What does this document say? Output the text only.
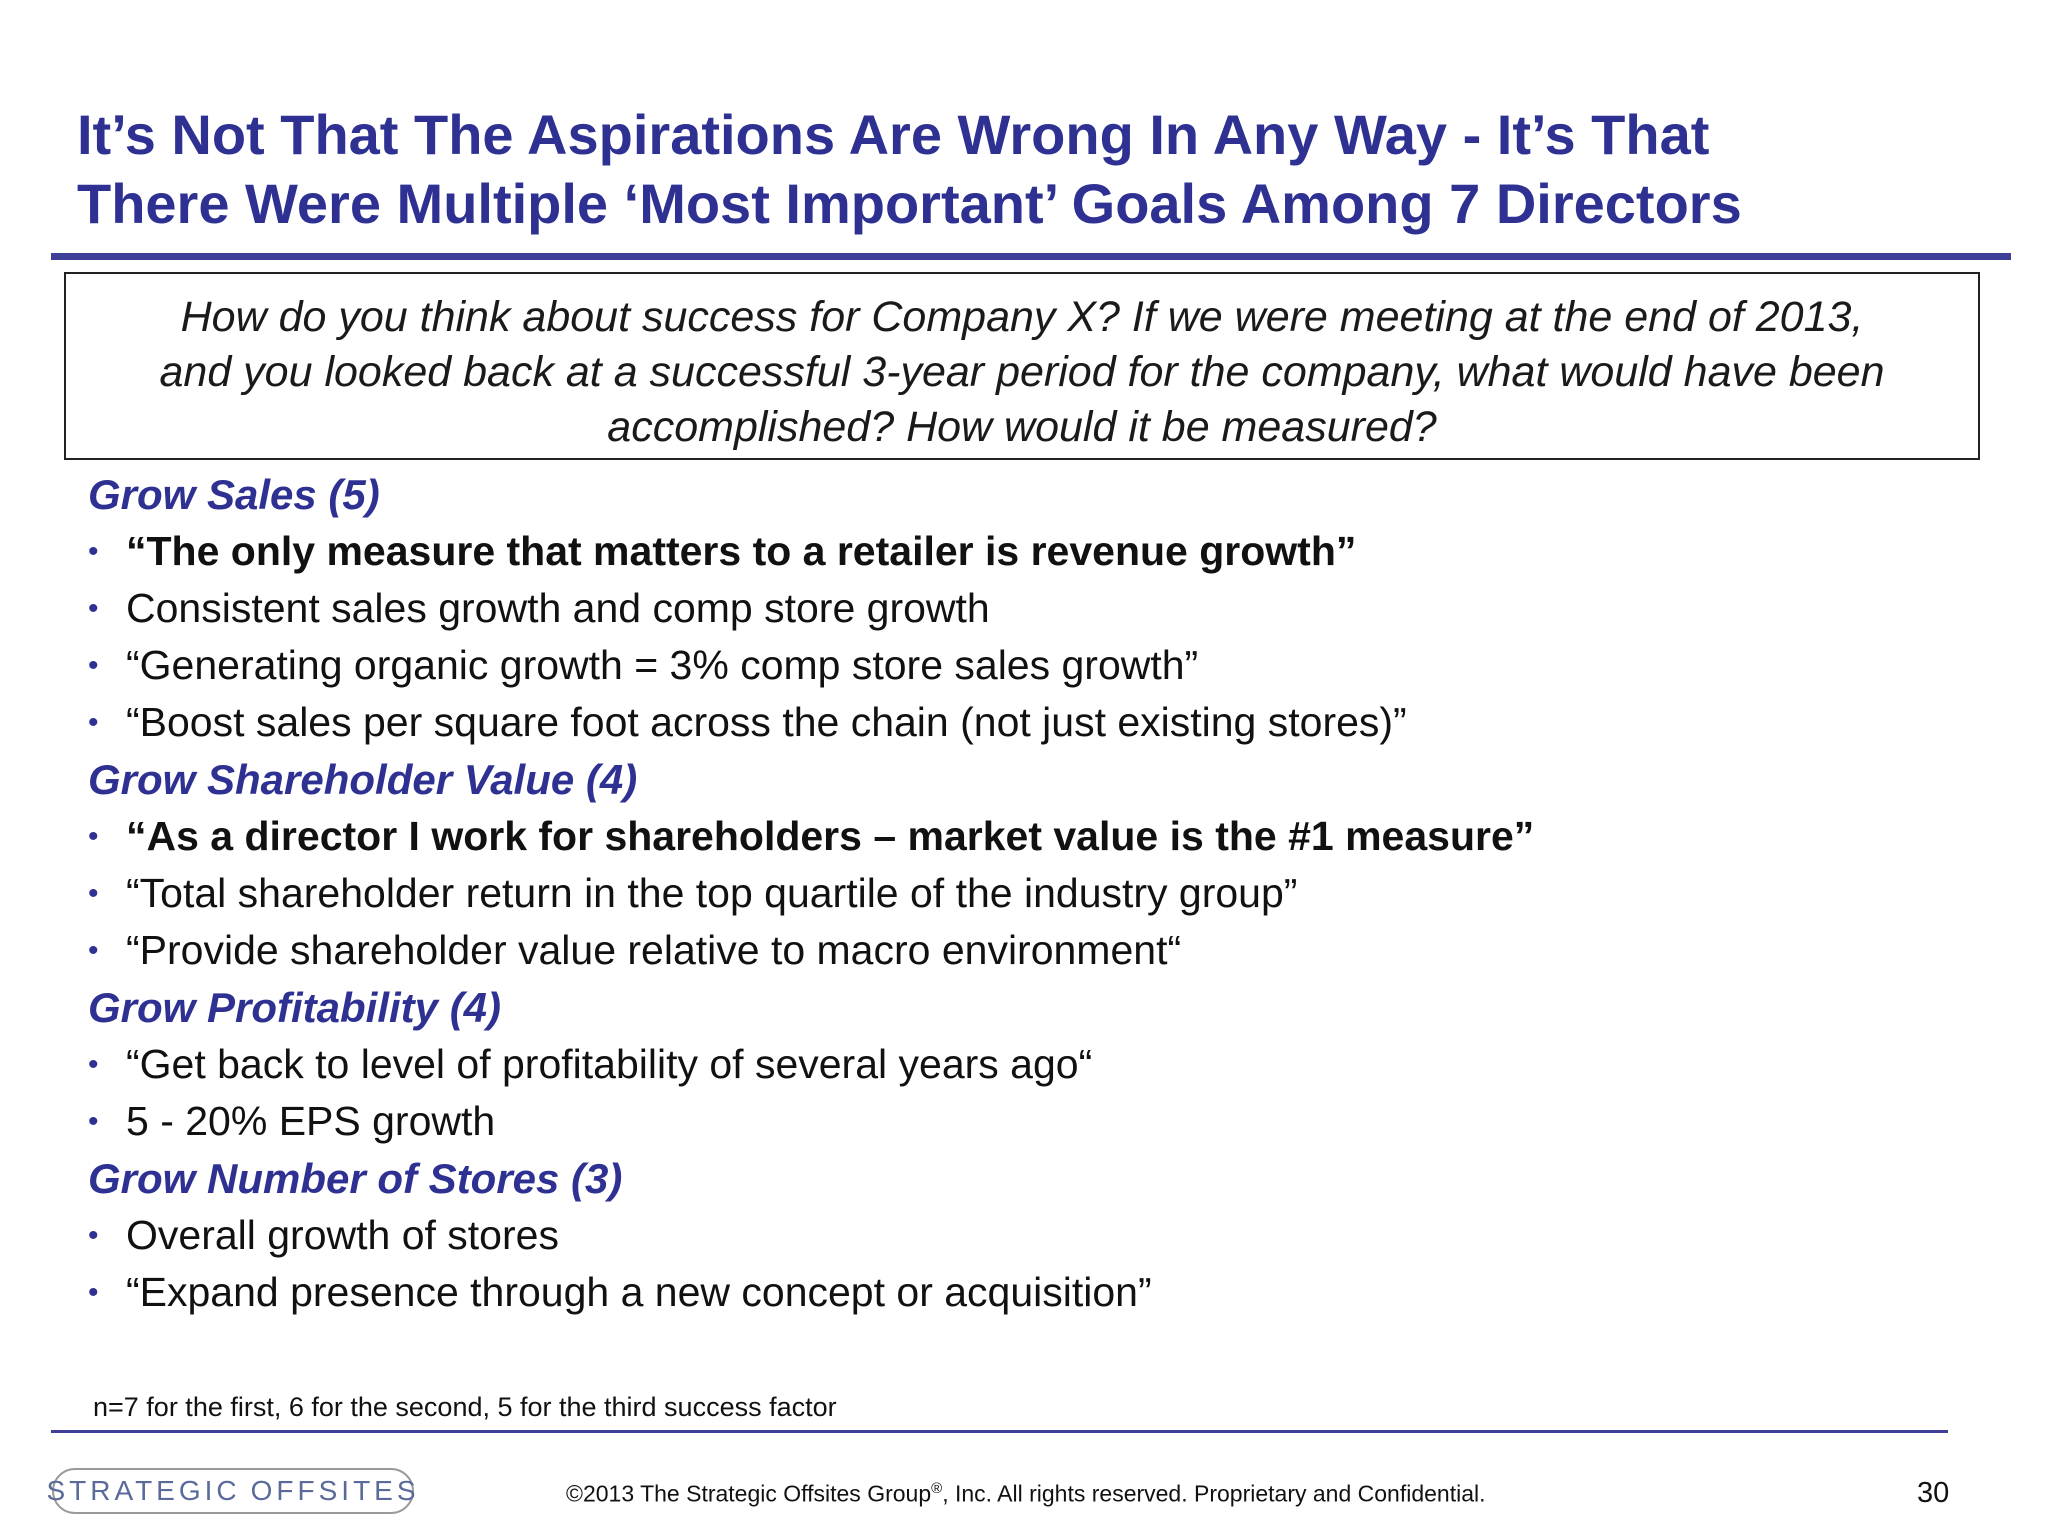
It’s Not That The Aspirations Are Wrong In Any Way - It’s That
There Were Multiple ‘Most Important’ Goals Among 7 Directors
How do you think about success for Company X? If we were meeting at the end of 2013,
and you looked back at a successful 3-year period for the company, what would have been
accomplished? How would it be measured?
Grow Sales (5)
• “The only measure that matters to a retailer is revenue growth”
• Consistent sales growth and comp store growth
• “Generating organic growth = 3% comp store sales growth”
• “Boost sales per square foot across the chain (not just existing stores)”
Grow Shareholder Value (4)
• “As a director I work for shareholders – market value is the #1 measure”
• “Total shareholder return in the top quartile of the industry group”
• “Provide shareholder value relative to macro environment“
Grow Profitability (4)
• “Get back to level of profitability of several years ago“
• 5 - 20% EPS growth
Grow Number of Stores (3)
• Overall growth of stores
• “Expand presence through a new concept or acquisition”
n=7 for the first, 6 for the second, 5 for the third success factor
STRATEGIC OFFSITES	©2013 The Strategic Offsites Group®, Inc. All rights reserved. Proprietary and Confidential.	30
